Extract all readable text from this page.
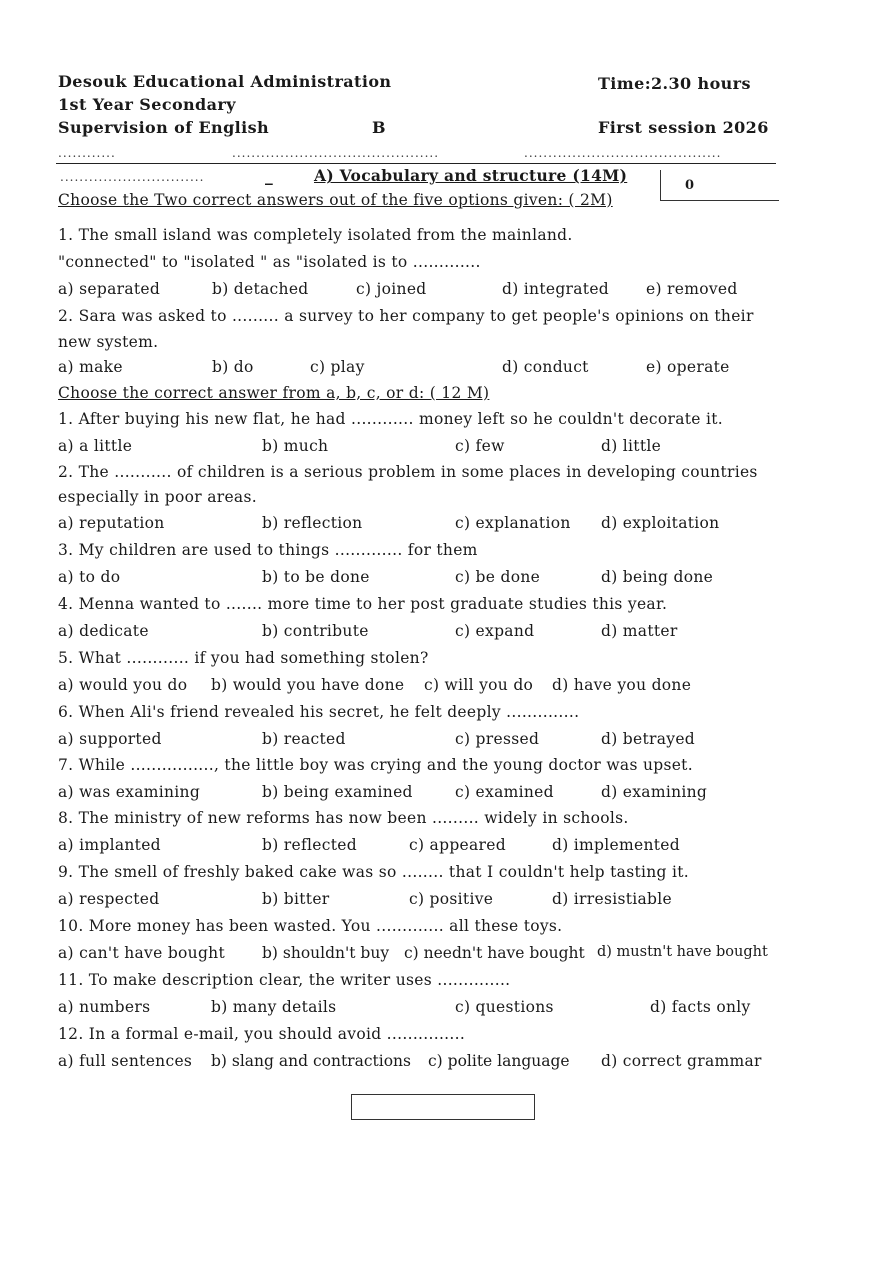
Desouk Educational Administration
1st Year Secondary
Supervision of English	B
Time:2.30 hours
First session 2026
............	...........................................	.........................................
..............................	_	A) Vocabulary and structure (14M)
0
Choose the Two correct answers out of the five options given: ( 2M)
1. The small island was completely isolated from the mainland.
"connected" to "isolated " as "isolated is to .............
a) separated	b) detached	c) joined	d) integrated e) removed
2. Sara was asked to ......... a survey to her company to get people's opinions on their
new system.
a) make	b) do	c) play	d) conduct	e) operate
Choose the correct answer from a, b, c, or d: ( 12 M)
1. After buying his new flat, he had ............ money left so he couldn't decorate it.
a) a little	b) much	c) few	d) little
2. The ........... of children is a serious problem in some places in developing countries
especially in poor areas.
a) reputation	b) reflection	c) explanation d) exploitation
3. My children are used to things ............. for them
a) to do	b) to be done	c) be done	d) being done
4. Menna wanted to ....... more time to her post graduate studies this year.
a) dedicate	b) contribute	c) expand	d) matter
5. What ............ if you had something stolen?
a) would you do b) would you have done c) will you do d) have you done
6. When Ali's friend revealed his secret, he felt deeply ..............
a) supported	b) reacted	c) pressed	d) betrayed
7. While ................, the little boy was crying and the young doctor was upset.
a) was examining	b) being examined	c) examined	d) examining
8. The ministry of new reforms has now been ......... widely in schools.
a) implanted	b) reflected	c) appeared	d) implemented
9. The smell of freshly baked cake was so ........ that I couldn't help tasting it.
a) respected	b) bitter	c) positive	d) irresistiable
10. More money has been wasted. You ............. all these toys.
a) can't have bought b) shouldn't buy c) needn't have bought d) mustn't have bought
11. To make description clear, the writer uses ..............
a) numbers	b) many details	c) questions	d) facts only
12. In a formal e-mail, you should avoid ...............
a) full sentences b) slang and contractions c) polite language d) correct grammar
